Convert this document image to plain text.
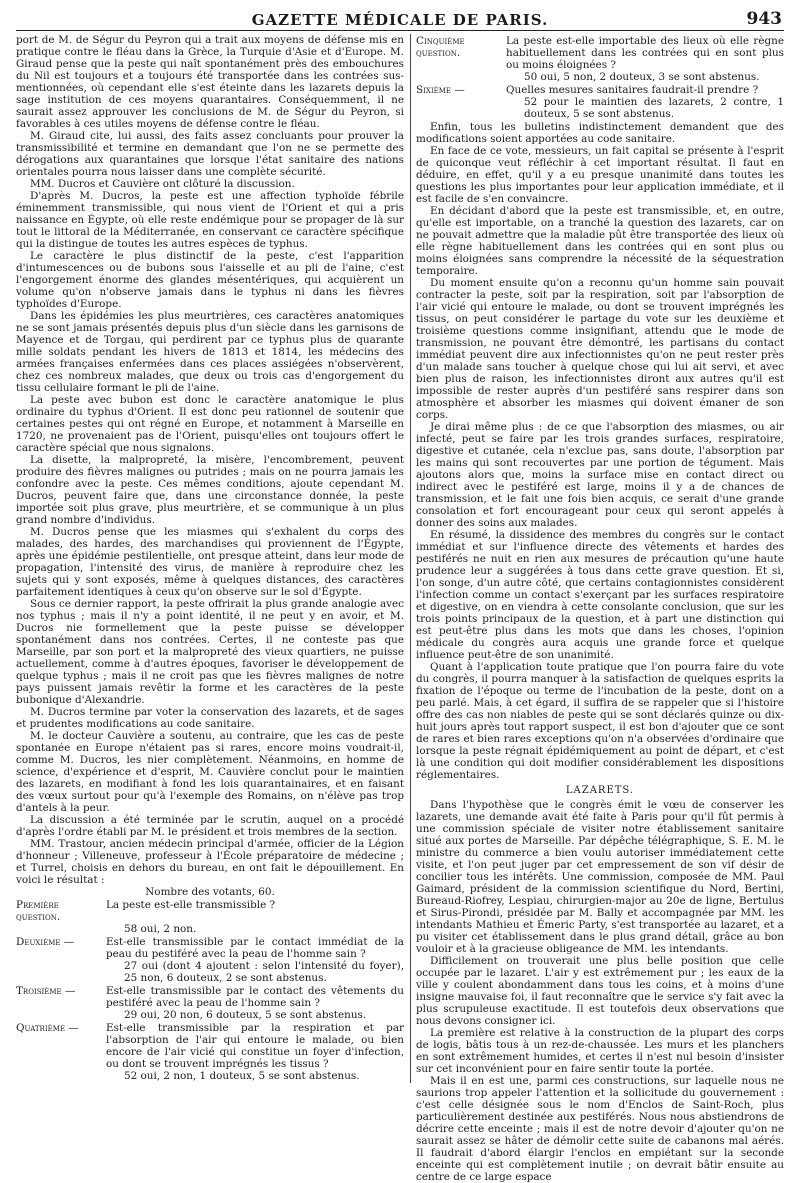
GAZETTE MÉDICALE DE PARIS.	943

port de M. de Ségur du Peyron qui a trait aux moyens de défense mis en pratique contre le fléau dans la Grèce, la Turquie d'Asie et d'Europe. M. Giraud pense que la peste qui naît spontanément près des embouchures du Nil est toujours et a toujours été transportée dans les contrées sus-mentionnées, où cependant elle s'est éteinte dans les lazarets depuis la sage institution de ces moyens quarantaires. Conséquemment, il ne saurait assez approuver les conclusions de M. de Ségur du Peyron, si favorables à ces utiles moyens de défense contre le fléau.

M. Giraud cite, lui aussi, des faits assez concluants pour prouver la transmissibilité et termine en demandant que l'on ne se permette des dérogations aux quarantaines que lorsque l'état sanitaire des nations orientales pourra nous laisser dans une complète sécurité.

MM. Ducros et Cauvière ont clôturé la discussion.

D'après M. Ducros, la peste est une affection typhoïde fébrile éminemment transmissible, qui nous vient de l'Orient et qui a pris naissance en Égypte, où elle reste endémique pour se propager de là sur tout le littoral de la Méditerranée, en conservant ce caractère spécifique qui la distingue de toutes les autres espèces de typhus.

Le caractère le plus distinctif de la peste, c'est l'apparition d'intumescences ou de bubons sous l'aisselle et au pli de l'aine, c'est l'engorgement énorme des glandes mésentériques, qui acquièrent un volume qu'on n'observe jamais dans le typhus ni dans les fièvres typhoïdes d'Europe.

Dans les épidémies les plus meurtrières, ces caractères anatomiques ne se sont jamais présentés depuis plus d'un siècle dans les garnisons de Mayence et de Torgau, qui perdirent par ce typhus plus de quarante mille soldats pendant les hivers de 1813 et 1814, les médecins des armées françaises enfermées dans ces places assiégées n'observèrent, chez ces nombreux malades, que deux ou trois cas d'engorgement du tissu cellulaire formant le pli de l'aine.

La peste avec bubon est donc le caractère anatomique le plus ordinaire du typhus d'Orient. Il est donc peu rationnel de soutenir que certaines pestes qui ont régné en Europe, et notamment à Marseille en 1720, ne provenaient pas de l'Orient, puisqu'elles ont toujours offert le caractère spécial que nous signalons.

La disette, la malpropreté, la misère, l'encombrement, peuvent produire des fièvres malignes ou putrides ; mais on ne pourra jamais les confondre avec la peste. Ces mêmes conditions, ajoute cependant M. Ducros, peuvent faire que, dans une circonstance donnée, la peste importée soit plus grave, plus meurtrière, et se communique à un plus grand nombre d'individus.

M. Ducros pense que les miasmes qui s'exhalent du corps des malades, des hardes, des marchandises qui proviennent de l'Égypte, après une épidémie pestilentielle, ont presque atteint, dans leur mode de propagation, l'intensité des virus, de manière à reproduire chez les sujets qui y sont exposés, même à quelques distances, des caractères parfaitement identiques à ceux qu'on observe sur le sol d'Égypte.

Sous ce dernier rapport, la peste offrirait la plus grande analogie avec nos typhus ; mais il n'y a point identité, il ne peut y en avoir, et M. Ducros nie formellement que la peste puisse se développer spontanément dans nos contrées. Certes, il ne conteste pas que Marseille, par son port et la malpropreté des vieux quartiers, ne puisse actuellement, comme à d'autres époques, favoriser le développement de quelque typhus ; mais il ne croit pas que les fièvres malignes de notre pays puissent jamais revêtir la forme et les caractères de la peste bubonique d'Alexandrie.

M. Ducros termine par voter la conservation des lazarets, et de sages et prudentes modifications au code sanitaire.

M. le docteur Cauvière a soutenu, au contraire, que les cas de peste spontanée en Europe n'étaient pas si rares, encore moins voudrait-il, comme M. Ducros, les nier complètement. Néanmoins, en homme de science, d'expérience et d'esprit, M. Cauvière conclut pour le maintien des lazarets, en modifiant à fond les lois quarantainaires, et en faisant des vœux surtout pour qu'à l'exemple des Romains, on n'élève pas trop d'antels à la peur.

La discussion a été terminée par le scrutin, auquel on a procédé d'après l'ordre établi par M. le président et trois membres de la section.

MM. Trastour, ancien médecin principal d'armée, officier de la Légion d'honneur ; Villeneuve, professeur à l'École préparatoire de médecine ; et Turrel, choisis en dehors du bureau, en ont fait le dépouillement. En voici le résultat :

Nombre des votants, 60.

Première question.
La peste est-elle transmissible ?
58 oui, 2 non.
Deuxième —	Est-elle transmissible par le contact immédiat de la peau du pestiféré avec la peau de l'homme sain ?
27 oui (dont 4 ajoutent : selon l'intensité du foyer), 25 non, 6 douteux, 2 se sont abstenus.
Troisième —	Est-elle transmissible par le contact des vêtements du pestiféré avec la peau de l'homme sain ?
29 oui, 20 non, 6 douteux, 5 se sont abstenus.
Quatrième —	Est-elle transmissible par la respiration et par l'absorption de l'air qui entoure le malade, ou bien encore de l'air vicié qui constitue un foyer d'infection, ou dont se trouvent imprégnés les tissus ?
52 oui, 2 non, 1 douteux, 5 se sont abstenus.
Cinquième question.
La peste est-elle importable des lieux où elle règne habituellement dans les contrées qui en sont plus ou moins éloignées ?
50 oui, 5 non, 2 douteux, 3 se sont abstenus.
Sixième —	Quelles mesures sanitaires faudrait-il prendre ?
52 pour le maintien des lazarets, 2 contre, 1 douteux, 5 se sont abstenus.

Enfin, tous les bulletins indistinctement demandent que des modifications soient apportées au code sanitaire.

En face de ce vote, messieurs, un fait capital se présente à l'esprit de quiconque veut réfléchir à cet important résultat. Il faut en déduire, en effet, qu'il y a eu presque unanimité dans toutes les questions les plus importantes pour leur application immédiate, et il est facile de s'en convaincre.

En décidant d'abord que la peste est transmissible, et, en outre, qu'elle est importable, on a tranché la question des lazarets, car on ne pouvait admettre que la maladie pût être transportée des lieux où elle règne habituellement dans les contrées qui en sont plus ou moins éloignées sans comprendre la nécessité de la séquestration temporaire.

Du moment ensuite qu'on a reconnu qu'un homme sain pouvait contracter la peste, soit par la respiration, soit par l'absorption de l'air vicié qui entoure le malade, ou dont se trouvent imprégnés les tissus, on peut considérer le partage du vote sur les deuxième et troisième questions comme insignifiant, attendu que le mode de transmission, ne pouvant être démontré, les partisans du contact immédiat peuvent dire aux infectionnistes qu'on ne peut rester près d'un malade sans toucher à quelque chose qui lui ait servi, et avec bien plus de raison, les infectionnistes diront aux autres qu'il est impossible de rester auprès d'un pestiféré sans respirer dans son atmosphère et absorber les miasmes qui doivent émaner de son corps.

Je dirai même plus : de ce que l'absorption des miasmes, ou air infecté, peut se faire par les trois grandes surfaces, respiratoire, digestive et cutanée, cela n'exclue pas, sans doute, l'absorption par les mains qui sont recouvertes par une portion de tégument. Mais ajoutons alors que, moins la surface mise en contact direct ou indirect avec le pestiféré est large, moins il y a de chances de transmission, et le fait une fois bien acquis, ce serait d'une grande consolation et fort encourageant pour ceux qui seront appelés à donner des soins aux malades.

En résumé, la dissidence des membres du congrès sur le contact immédiat et sur l'influence directe des vêtements et hardes des pestiférés ne nuit en rien aux mesures de précaution qu'une haute prudence leur a suggérées à tous dans cette grave question. Et si, l'on songe, d'un autre côté, que certains contagionnistes considèrent l'infection comme un contact s'exerçant par les surfaces respiratoire et digestive, on en viendra à cette consolante conclusion, que sur les trois points principaux de la question, et à part une distinction qui est peut-être plus dans les mots que dans les choses, l'opinion médicale du congrès aura acquis une grande force et quelque influence peut-être de son unanimité.

Quant à l'application toute pratique que l'on pourra faire du vote du congrès, il pourra manquer à la satisfaction de quelques esprits la fixation de l'époque ou terme de l'incubation de la peste, dont on a peu parlé. Mais, à cet égard, il suffira de se rappeler que si l'histoire offre des cas non niables de peste qui se sont déclarés quinze ou dix-huit jours après tout rapport suspect, il est bon d'ajouter que ce sont de rares et bien rares exceptions qu'on n'a observées d'ordinaire que lorsque la peste régnait épidémiquement au point de départ, et c'est là une condition qui doit modifier considérablement les dispositions réglementaires.

LAZARETS.

Dans l'hypothèse que le congrès émit le vœu de conserver les lazarets, une demande avait été faite à Paris pour qu'il fût permis à une commission spéciale de visiter notre établissement sanitaire situé aux portes de Marseille. Par dépêche télégraphique, S. E. M. le ministre du commerce a bien voulu autoriser immédiatement cette visite, et l'on peut juger par cet empressement de son vif désir de concilier tous les intérêts. Une commission, composée de MM. Paul Gaimard, président de la commission scientifique du Nord, Bertini, Bureaud-Riofrey, Lespiau, chirurgien-major au 20e de ligne, Bertulus et Sirus-Pirondi, présidée par M. Bally et accompagnée par MM. les intendants Mathieu et Émeric Party, s'est transportée au lazaret, et a pu visiter cet établissement dans le plus grand détail, grâce au bon vouloir et à la gracieuse obligeance de MM. les intendants.

Difficilement on trouverait une plus belle position que celle occupée par le lazaret. L'air y est extrêmement pur ; les eaux de la ville y coulent abondamment dans tous les coins, et à moins d'une insigne mauvaise foi, il faut reconnaître que le service s'y fait avec la plus scrupuleuse exactitude. Il est toutefois deux observations que nous devons consigner ici.

La première est relative à la construction de la plupart des corps de logis, bâtis tous à un rez-de-chaussée. Les murs et les planchers en sont extrêmement humides, et certes il n'est nul besoin d'insister sur cet inconvénient pour en faire sentir toute la portée.

Mais il en est une, parmi ces constructions, sur laquelle nous ne saurions trop appeler l'attention et la sollicitude du gouvernement : c'est celle désignée sous le nom d'Enclos de Saint-Roch, plus particulièrement destinée aux pestiférés. Nous nous abstiendrons de décrire cette enceinte ; mais il est de notre devoir d'ajouter qu'on ne saurait assez se hâter de démolir cette suite de cabanons mal aérés. Il faudrait d'abord élargir l'enclos en empiétant sur la seconde enceinte qui est complètement inutile ; on devrait bâtir ensuite au centre de ce large espace
